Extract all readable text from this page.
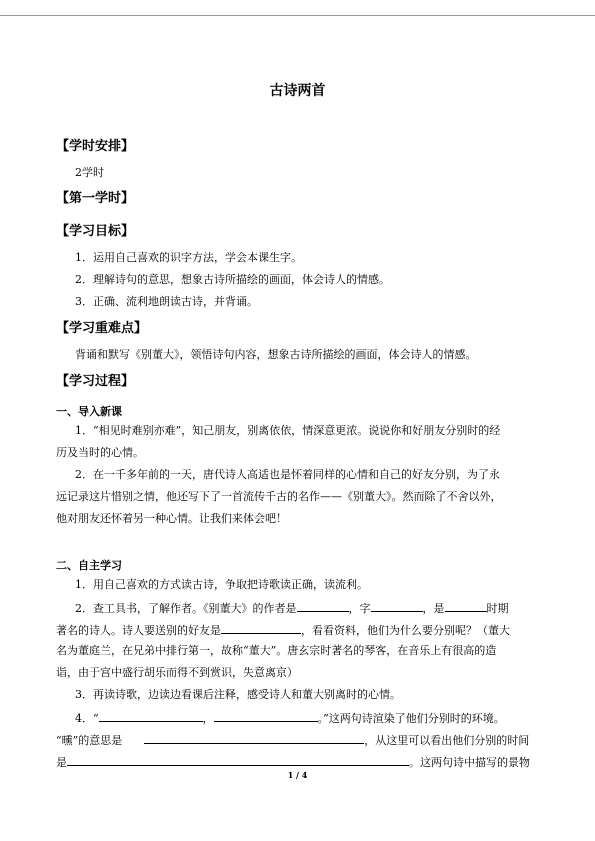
古诗两首
【学时安排】
2学时
【第一学时】
【学习目标】
1．运用自己喜欢的识字方法，学会本课生字。
2．理解诗句的意思，想象古诗所描绘的画面，体会诗人的情感。
3．正确、流利地朗读古诗，并背诵。
【学习重难点】
背诵和默写《别董大》，领悟诗句内容，想象古诗所描绘的画面，体会诗人的情感。
【学习过程】
一、导入新课
1．“相见时难别亦难”，知己朋友，别离依依，情深意更浓。说说你和好朋友分别时的经
历及当时的心情。
2．在一千多年前的一天，唐代诗人高适也是怀着同样的心情和自己的好友分别，为了永
远记录这片惜别之情，他还写下了一首流传千古的名作——《别董大》。然而除了不舍以外，
他对朋友还怀着另一种心情。让我们来体会吧！
二、自主学习
1．用自己喜欢的方式读古诗，争取把诗歌读正确，读流利。
2．查工具书，了解作者。《别董大》的作者是	，字	，是	时期
著名的诗人。诗人要送别的好友是	，看看资料，他们为什么要分别呢？（董大
名为董庭兰，在兄弟中排行第一，故称“董大”。唐玄宗时著名的琴客，在音乐上有很高的造
诣，由于宫中盛行胡乐而得不到赏识，失意离京）
3．再读诗歌，边读边看课后注释，感受诗人和董大别离时的心情。
4．“	，	。”这两句诗渲染了他们分别时的环境。
“曛”的意思是	，从这里可以看出他们分别的时间
是	。这两句诗中描写的景物
1 / 4
